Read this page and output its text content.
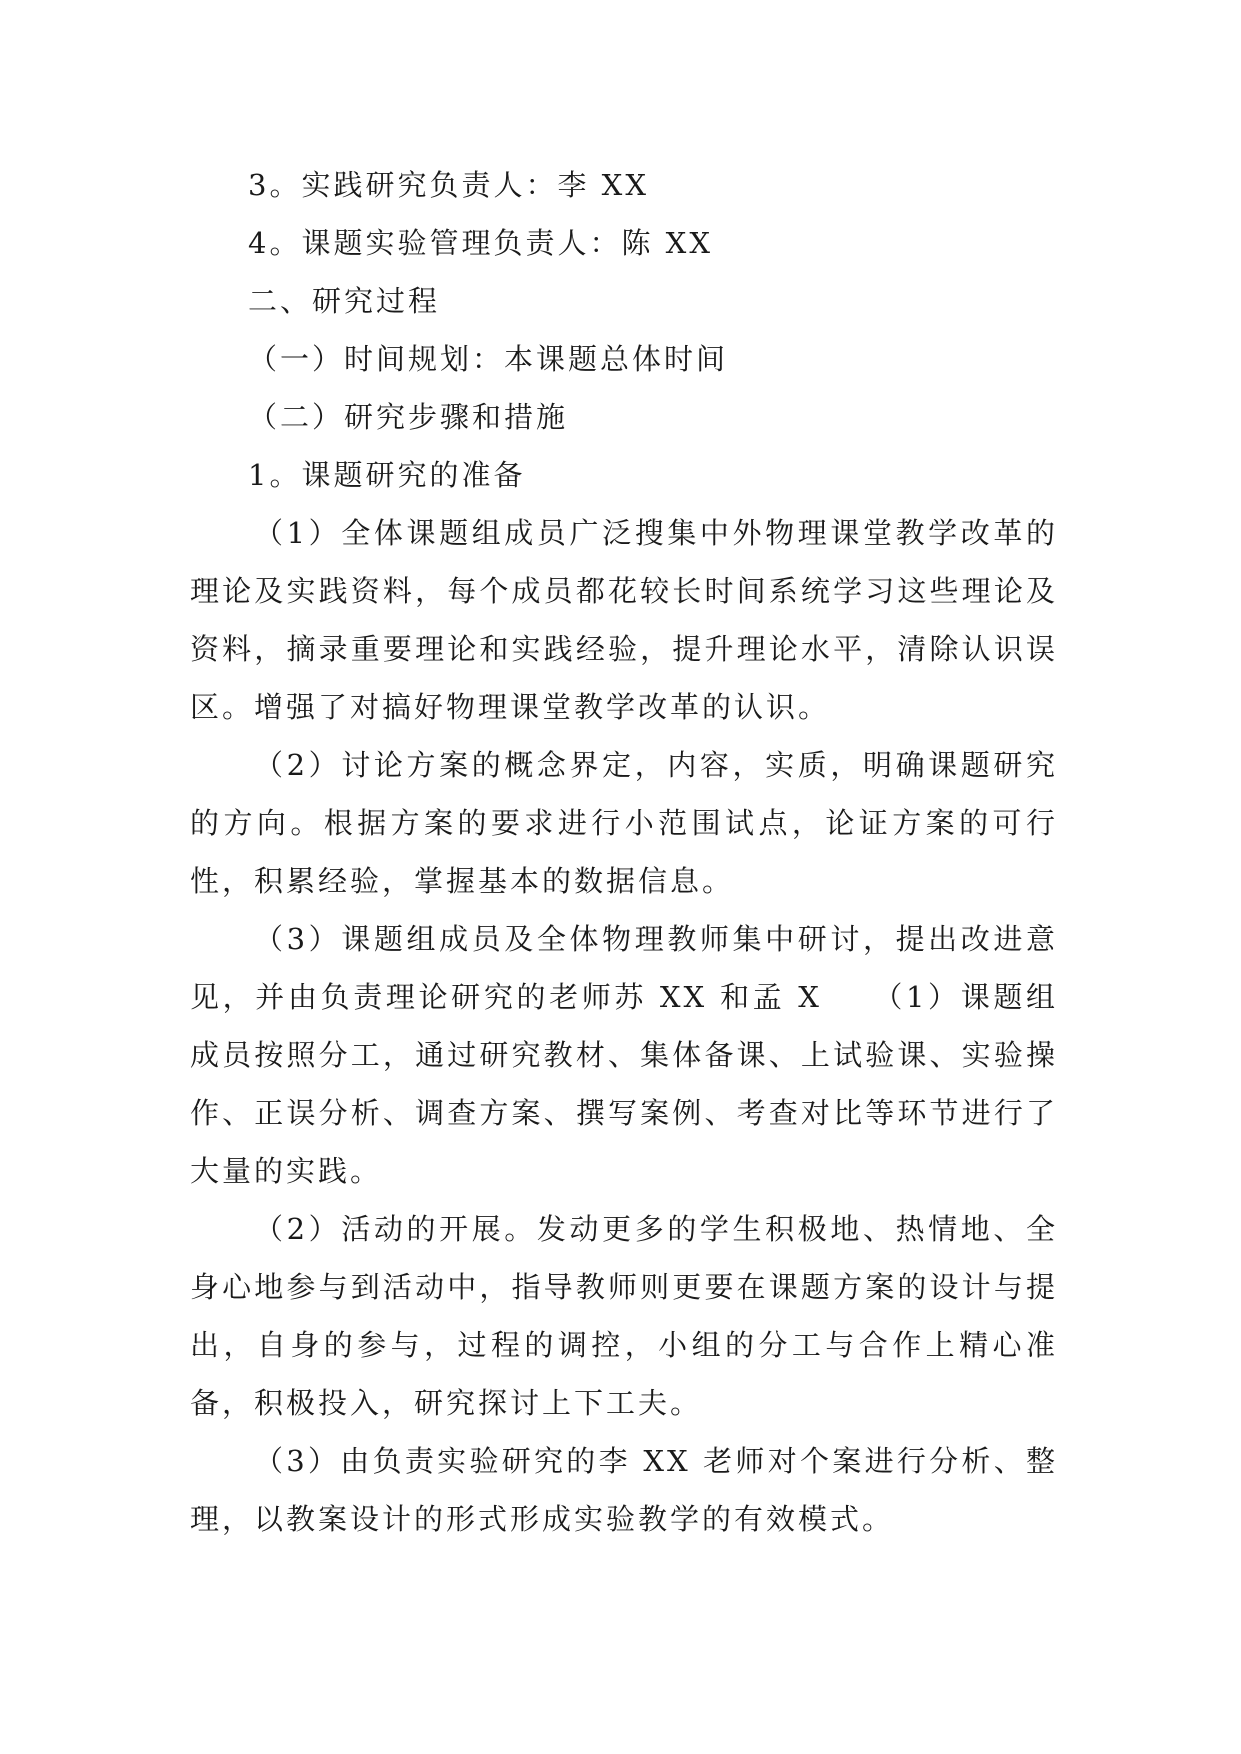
3。实践研究负责人：李 XX

4。课题实验管理负责人：陈 XX

二、研究过程

（一）时间规划：本课题总体时间

（二）研究步骤和措施

1。课题研究的准备

（1）全体课题组成员广泛搜集中外物理课堂教学改革的理论及实践资料，每个成员都花较长时间系统学习这些理论及资料，摘录重要理论和实践经验，提升理论水平，清除认识误区。增强了对搞好物理课堂教学改革的认识。

（2）讨论方案的概念界定，内容，实质，明确课题研究的方向。根据方案的要求进行小范围试点，论证方案的可行性，积累经验，掌握基本的数据信息。

（3）课题组成员及全体物理教师集中研讨，提出改进意见，并由负责理论研究的老师苏 XX 和孟 X　　（1）课题组成员按照分工，通过研究教材、集体备课、上试验课、实验操作、正误分析、调查方案、撰写案例、考查对比等环节进行了大量的实践。

（2）活动的开展。发动更多的学生积极地、热情地、全身心地参与到活动中，指导教师则更要在课题方案的设计与提出，自身的参与，过程的调控，小组的分工与合作上精心准备，积极投入，研究探讨上下工夫。

（3）由负责实验研究的李 XX 老师对个案进行分析、整理，以教案设计的形式形成实验教学的有效模式。
